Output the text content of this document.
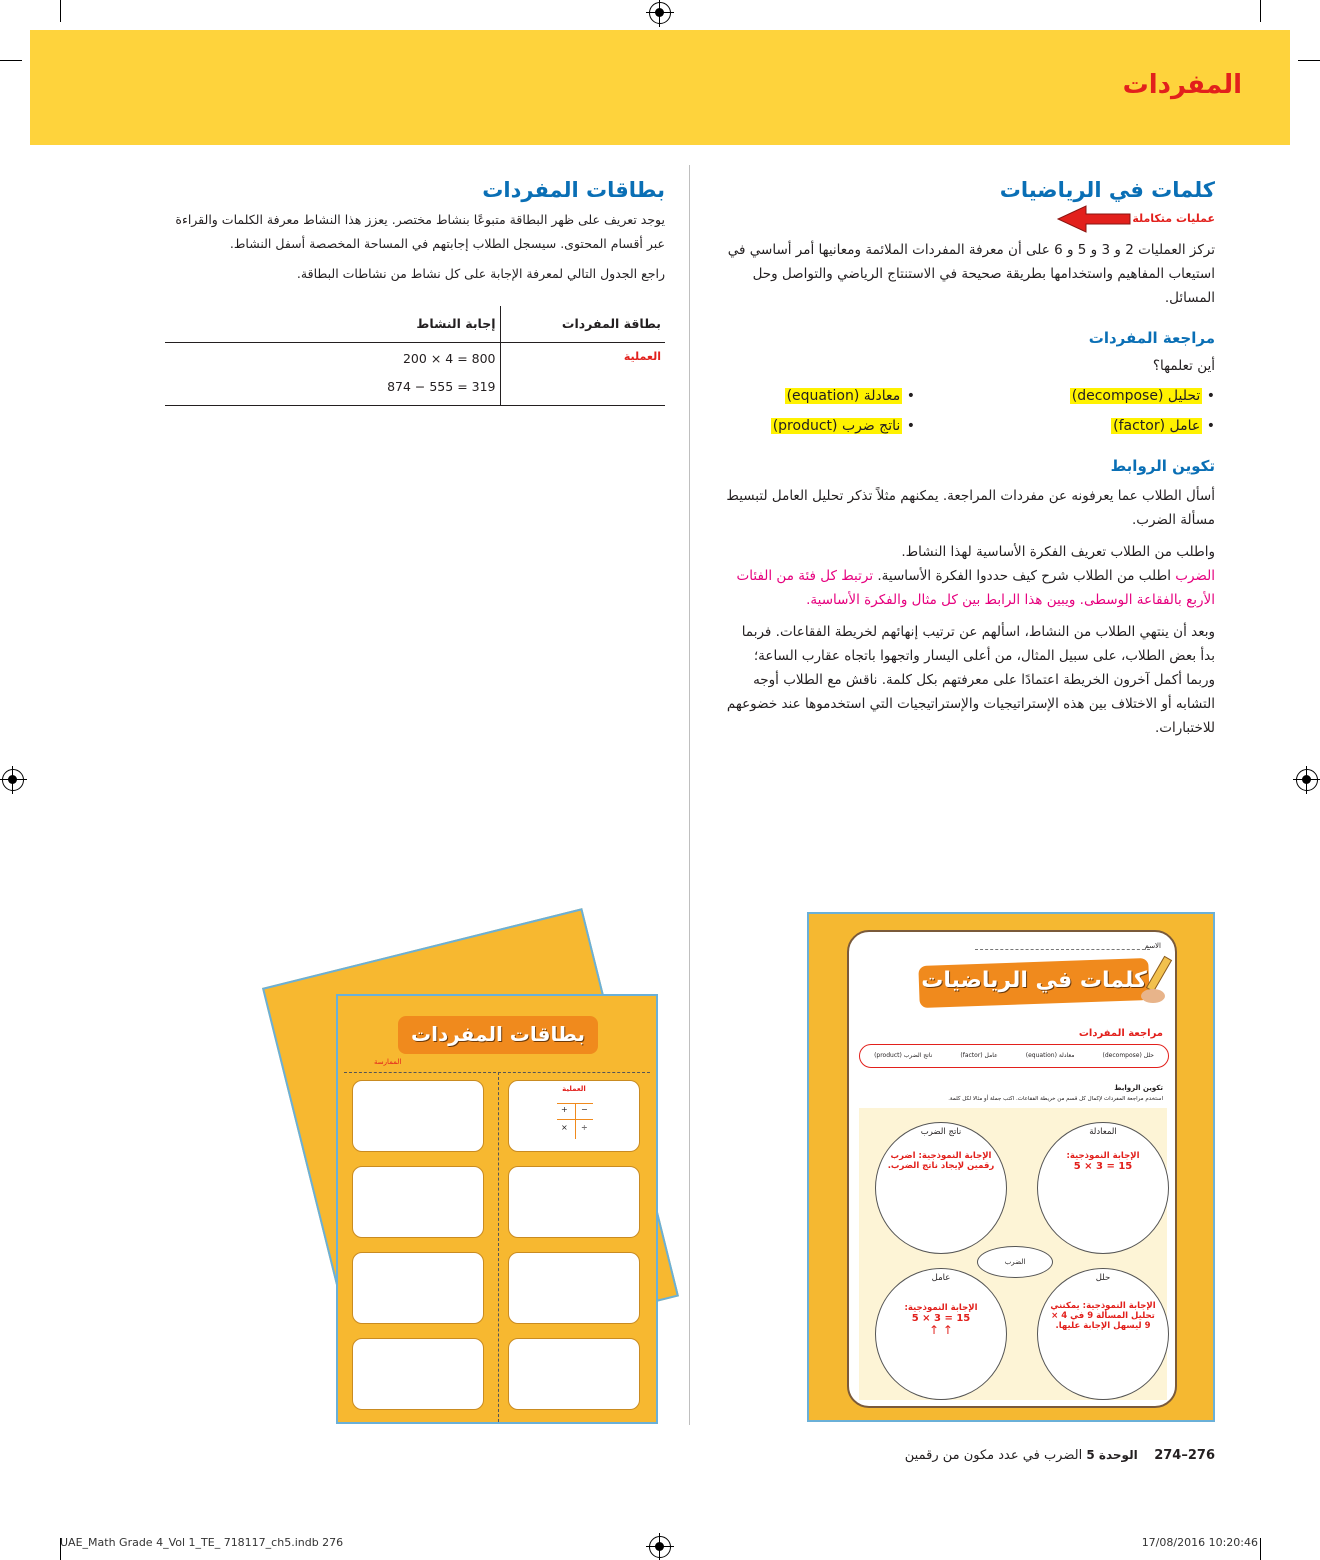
المفردات
كلمات في الرياضيات
عمليات متكاملة

تركز العمليات 2 و 3 و 5 و 6 على أن معرفة المفردات الملائمة ومعانيها أمر أساسي في استيعاب المفاهيم واستخدامها بطريقة صحيحة في الاستنتاج الرياضي والتواصل وحل المسائل.

مراجعة المفردات

أين تعلمها؟

• تحليل (decompose)
• معادلة (equation)
• عامل (factor)
• ناتج ضرب (product)
تكوين الروابط

أسأل الطلاب عما يعرفونه عن مفردات المراجعة. يمكنهم مثلاً تذكر تحليل العامل لتبسيط مسألة الضرب.

واطلب من الطلاب تعريف الفكرة الأساسية لهذا النشاط.

الضرب اطلب من الطلاب شرح كيف حددوا الفكرة الأساسية. ترتبط كل فئة من الفئات الأربع بالفقاعة الوسطى. ويبين هذا الرابط بين كل مثال والفكرة الأساسية.

وبعد أن ينتهي الطلاب من النشاط، اسألهم عن ترتيب إنهائهم لخريطة الفقاعات. فربما بدأ بعض الطلاب، على سبيل المثال، من أعلى اليسار واتجهوا باتجاه عقارب الساعة؛ وربما أكمل آخرون الخريطة اعتمادًا على معرفتهم بكل كلمة. ناقش مع الطلاب أوجه التشابه أو الاختلاف بين هذه الإستراتيجيات والإستراتيجيات التي استخدموها عند خضوعهم للاختبارات.

بطاقات المفردات

يوجد تعريف على ظهر البطاقة متبوعًا بنشاط مختصر. يعزز هذا النشاط معرفة الكلمات والقراءة عبر أقسام المحتوى. سيسجل الطلاب إجابتهم في المساحة المخصصة أسفل النشاط.

راجع الجدول التالي لمعرفة الإجابة على كل نشاط من نشاطات البطاقة.

بطاقة المفردات	إجابة النشاط
العملية	200 × 4 = 800
	874 − 555 = 319
الاسم
كلمات في الرياضيات
مراجعة المفردات
حلل (decompose)
معادلة (equation)
عامل (factor)
ناتج الضرب (product)
تكوين الروابط
استخدم مراجعة المفردات لإكمال كل قسم من خريطة الفقاعات. اكتب جملة أو مثالا لكل كلمة.
ناتج الضرب
الإجابة النموذجية: اضرب رقمين لإيجاد ناتج الضرب.
المعادلة
الإجابة النموذجية:
5 × 3 = 15
عامل
الإجابة النموذجية:
5 × 3 = 15
↑ ↑
حلل
الإجابة النموذجية: يمكنني تحليل المسألة 9 في 4 × 9 ليسهل الإجابة عليها.
الضرب
بطاقات المفردات
الممارسة
العملية
+ −
× ÷
274–276    الوحدة 5 الضرب في عدد مكون من رقمين
UAE_Math Grade 4_Vol 1_TE_ 718117_ch5.indb 276	17/08/2016 10:20:46
